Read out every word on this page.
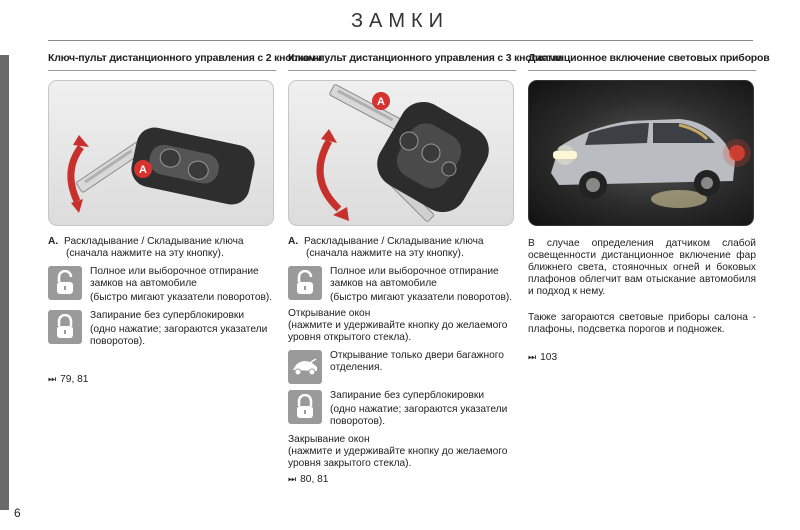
ЗАМКИ
6
Ключ-пульт дистанционного управления с 2 кнопками
A
A. Раскладывание / Складывание ключа
(сначала нажмите на эту кнопку).

Полное или выборочное отпирание замков на автомобиле

(быстро мигают указатели поворотов).

Запирание без суперблокировки

(одно нажатие; загораются указатели поворотов).

⏭ 79, 81
Ключ-пульт дистанционного управления с 3 кнопками
A
A. Раскладывание / Складывание ключа
(сначала нажмите на эту кнопку).

Полное или выборочное отпирание замков на автомобиле

(быстро мигают указатели поворотов).

Открывание окон
(нажмите и удерживайте кнопку до желаемого уровня открытого стекла).

Открывание только двери багажного отделения.

Запирание без суперблокировки

(одно нажатие; загораются указатели поворотов).

Закрывание окон
(нажмите и удерживайте кнопку до желаемого уровня закрытого стекла).
⏭ 80, 81
Дистанционное включение световых приборов
В случае определения датчиком слабой освещенности дистанционное включение фар ближнего света, стояночных огней и боковых плафонов облегчит вам отыскание автомобиля и подход к нему.
Также загораются световые приборы салона - плафоны, подсветка порогов и подножек.
⏭ 103
